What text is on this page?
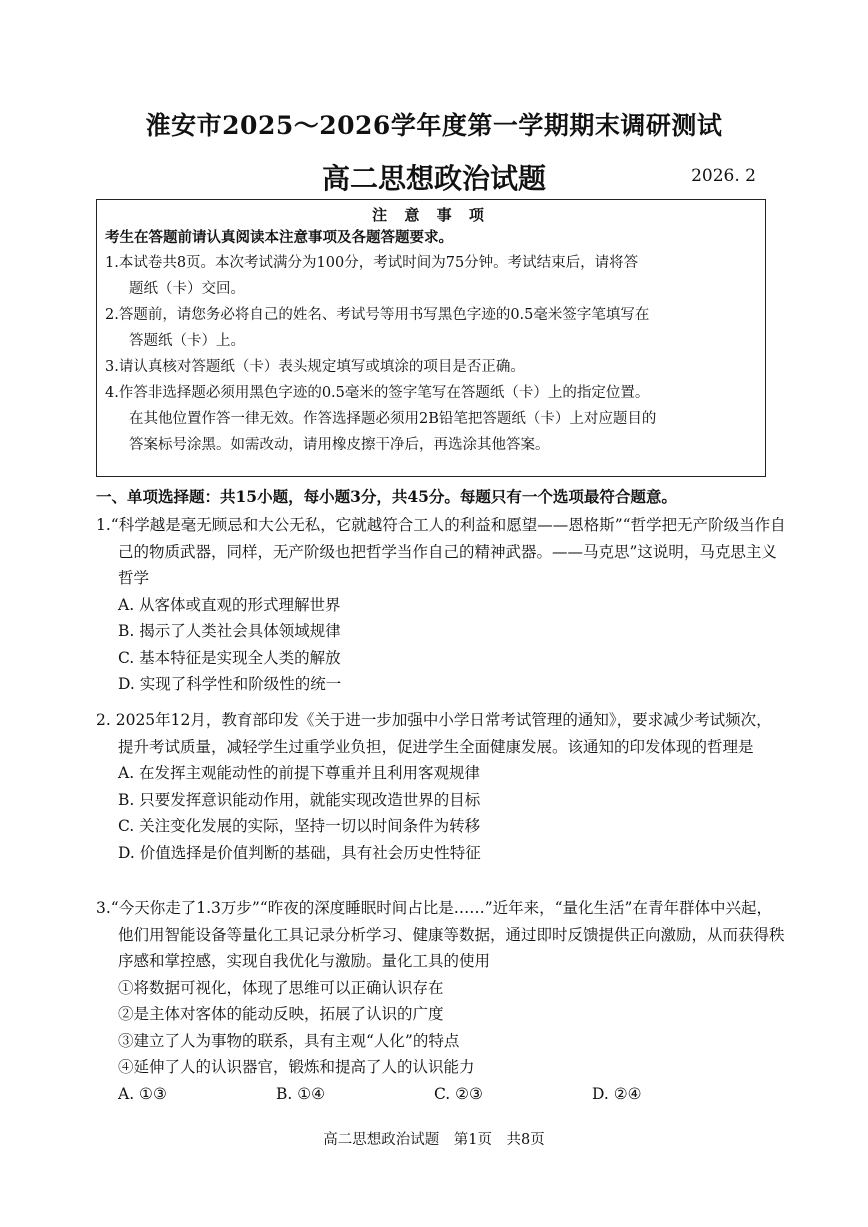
淮安市2025～2026学年度第一学期期末调研测试
高二思想政治试题	2026. 2
注 意 事 项
考生在答题前请认真阅读本注意事项及各题答题要求。
1.本试卷共8页。本次考试满分为100分，考试时间为75分钟。考试结束后，请将答
题纸（卡）交回。
2.答题前，请您务必将自己的姓名、考试号等用书写黑色字迹的0.5毫米签字笔填写在
答题纸（卡）上。
3.请认真核对答题纸（卡）表头规定填写或填涂的项目是否正确。
4.作答非选择题必须用黑色字迹的0.5毫米的签字笔写在答题纸（卡）上的指定位置。
在其他位置作答一律无效。作答选择题必须用2B铅笔把答题纸（卡）上对应题目的
答案标号涂黑。如需改动，请用橡皮擦干净后，再选涂其他答案。
一、单项选择题：共15小题，每小题3分，共45分。每题只有一个选项最符合题意。
1.“科学越是毫无顾忌和大公无私，它就越符合工人的利益和愿望——恩格斯”“哲学把无产阶级当作自己的物质武器，同样，无产阶级也把哲学当作自己的精神武器。——马克思”这说明，马克思主义哲学
A. 从客体或直观的形式理解世界
B. 揭示了人类社会具体领域规律
C. 基本特征是实现全人类的解放
D. 实现了科学性和阶级性的统一
2. 2025年12月，教育部印发《关于进一步加强中小学日常考试管理的通知》，要求减少考试频次，提升考试质量，减轻学生过重学业负担，促进学生全面健康发展。该通知的印发体现的哲理是
A. 在发挥主观能动性的前提下尊重并且利用客观规律
B. 只要发挥意识能动作用，就能实现改造世界的目标
C. 关注变化发展的实际，坚持一切以时间条件为转移
D. 价值选择是价值判断的基础，具有社会历史性特征
3.“今天你走了1.3万步”“昨夜的深度睡眠时间占比是……”近年来，“量化生活”在青年群体中兴起，他们用智能设备等量化工具记录分析学习、健康等数据，通过即时反馈提供正向激励，从而获得秩序感和掌控感，实现自我优化与激励。量化工具的使用
①将数据可视化，体现了思维可以正确认识存在
②是主体对客体的能动反映，拓展了认识的广度
③建立了人为事物的联系，具有主观“人化”的特点
④延伸了人的认识器官，锻炼和提高了人的认识能力
A. ①③	B. ①④	C. ②③	D. ②④
高二思想政治试题　第1页　共8页
